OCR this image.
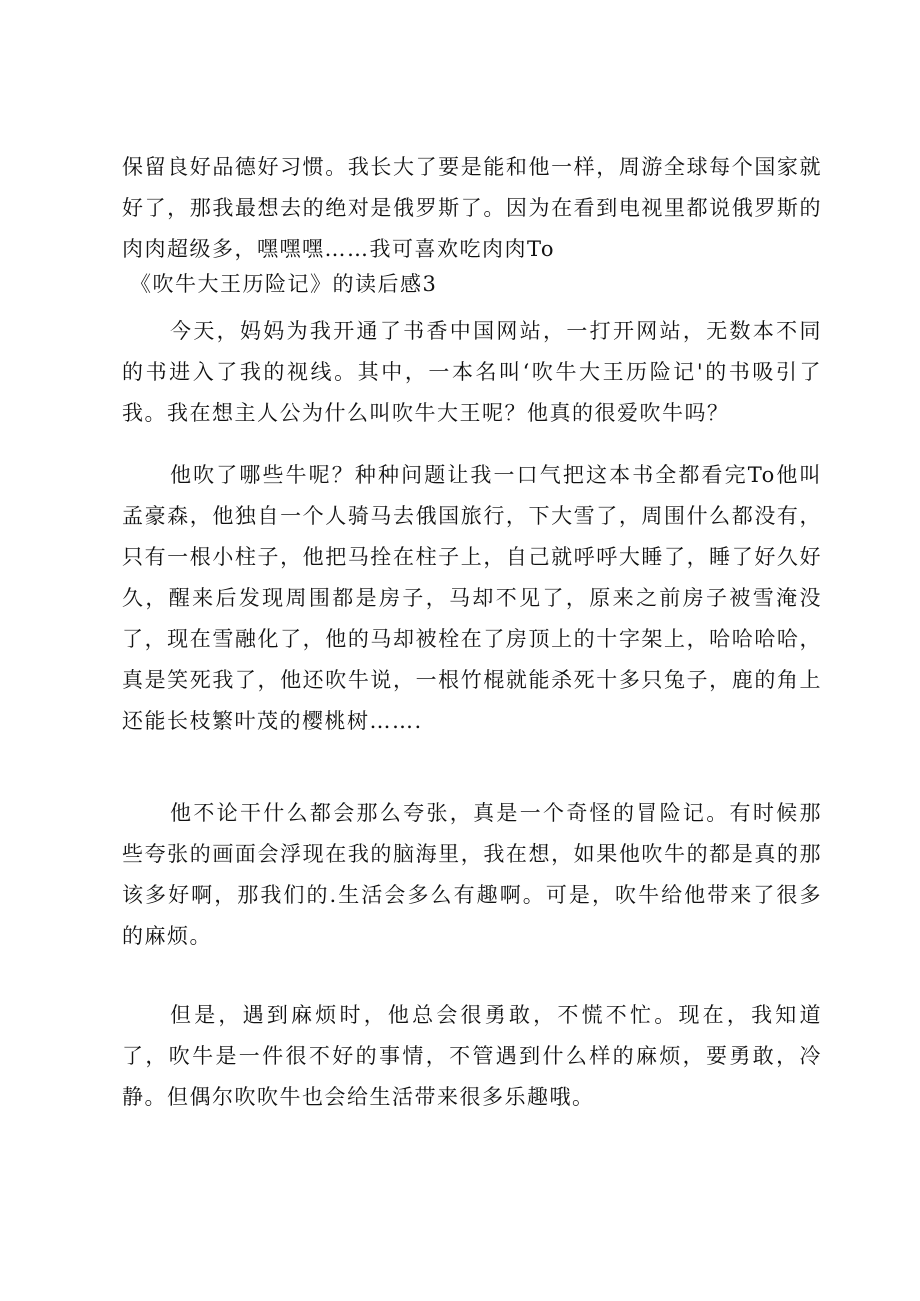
保留良好品德好习惯。我长大了要是能和他一样，周游全球每个国家就好了，那我最想去的绝对是俄罗斯了。因为在看到电视里都说俄罗斯的肉肉超级多，嘿嘿嘿……我可喜欢吃肉肉To

《吹牛大王历险记》的读后感3

今天，妈妈为我开通了书香中国网站，一打开网站，无数本不同的书进入了我的视线。其中，一本名叫‘吹牛大王历险记'的书吸引了我。我在想主人公为什么叫吹牛大王呢？他真的很爱吹牛吗？

他吹了哪些牛呢？种种问题让我一口气把这本书全都看完To他叫孟豪森，他独自一个人骑马去俄国旅行，下大雪了，周围什么都没有，只有一根小柱子，他把马拴在柱子上，自己就呼呼大睡了，睡了好久好久，醒来后发现周围都是房子，马却不见了，原来之前房子被雪淹没了，现在雪融化了，他的马却被栓在了房顶上的十字架上，哈哈哈哈，真是笑死我了，他还吹牛说，一根竹棍就能杀死十多只兔子，鹿的角上还能长枝繁叶茂的樱桃树…….

他不论干什么都会那么夸张，真是一个奇怪的冒险记。有时候那些夸张的画面会浮现在我的脑海里，我在想，如果他吹牛的都是真的那该多好啊，那我们的.生活会多么有趣啊。可是，吹牛给他带来了很多的麻烦。

但是，遇到麻烦时，他总会很勇敢，不慌不忙。现在，我知道了，吹牛是一件很不好的事情，不管遇到什么样的麻烦，要勇敢，冷静。但偶尔吹吹牛也会给生活带来很多乐趣哦。
